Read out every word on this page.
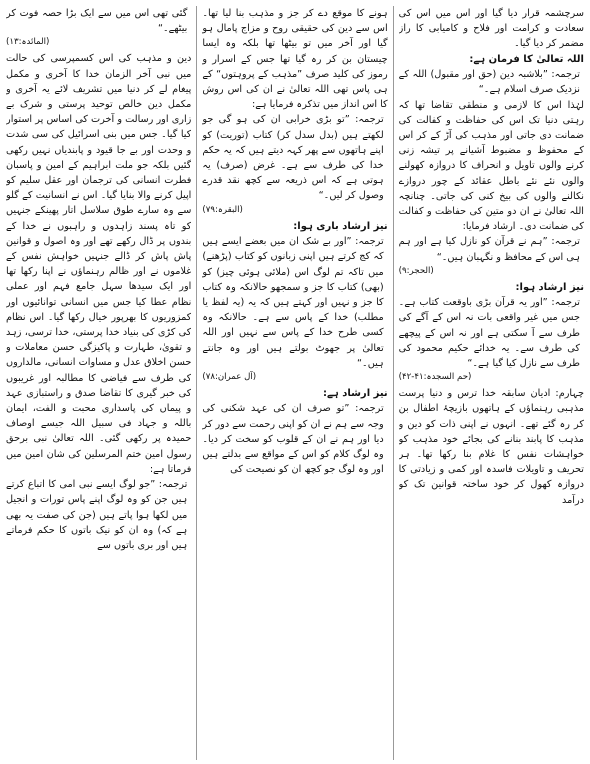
سرچشمہ قرار دیا گیا اور اس میں اس کی سعادت و کرامت اور فلاح و کامیابی کا راز مضمر کر دیا گیا۔

اللہ تعالیٰ کا فرمان ہے:

ترجمہ: ”بلاشبہ دین (حق اور مقبول) اللہ کے نزدیک صرف اسلام ہے۔“

لہٰذا اس کا لازمی و منطقی تقاضا تھا کہ رہتی دنیا تک اس کی حفاظت و کفالت کی ضمانت دی جاتی اور مذہب کی آڑ کے کر اس کے محفوظ و مضبوط آشیانے پر تیشہ زنی کرنے والوں تاویل و انحراف کا دروازہ کھولنے والوں نئے نئے باطل عقائد کے چور دروازے نکالنے والوں کی بیخ کنی کی جاتی۔ چنانچہ اللہ تعالیٰ نے ان دو متین کی حفاظت و کفالت کی ضمانت دی۔ ارشاد فرمایا:

ترجمہ: ”ہم نے قرآن کو نازل کیا ہے اور ہم ہی اس کے محافظ و نگہبان ہیں۔“

(الحجر:۹)

نیز ارشاد ہوا:

ترجمہ: ”اور یہ قرآن بڑی باوقعت کتاب ہے۔ جس میں غیر واقعی بات نہ اس کے آگے کی طرف سے آ سکتی ہے اور نہ اس کے پیچھے کی طرف سے۔ یہ خدائے حکیم محمود کی طرف سے نازل کیا گیا ہے۔“

(حم السجدہ:۴۱-۴۲)

چہارم: ادیان سابقہ خدا ترس و دنیا پرست مذہبی رہنماؤں کے ہاتھوں بازیچۂ اطفال بن کر رہ گئے تھے۔ انہوں نے اپنی ذات کو دین و مذہب کا پابند بنانے کی بجائے خود مذہب کو خواہشات نفس کا غلام بنا رکھا تھا۔ ہر تحریف و تاویلات فاسدہ اور کمی و زیادتی کا دروازہ کھول کر خود ساختہ قوانین تک کو درآمد

ہونے کا موقع دے کر جز و مذہب بنا لیا تھا۔ اس سے دین کی حقیقی روح و مزاج پامال ہو گیا اور آخر میں تو بیٹھا تھا بلکہ وہ ایسا چیستان بن کر رہ گیا تھا جس کے اسرار و رموز کی کلید صرف ”مذہب کے پروہتوں“ کے ہی پاس تھی اللہ تعالیٰ نے ان کی اس روش کا اس انداز میں تذکرہ فرمایا ہے:

ترجمہ: ”تو بڑی خرابی ان کی ہو گی جو لکھتے ہیں (بدل سدل کر) کتاب (توریت) کو اپنے ہاتھوں سے پھر کہہ دیتے ہیں کہ یہ حکم خدا کی طرف سے ہے۔ غرض (صرف) یہ ہوتی ہے کہ اس ذریعہ سے کچھ نقد قدرے وصول کر لیں۔“

(البقرہ:۷۹)

نیز ارشاد باری ہوا:

ترجمہ: ”اور بے شک ان میں بعضے ایسے ہیں کہ کج کرتے ہیں اپنی زبانوں کو کتاب (پڑھنے) میں تاکہ تم لوگ اس (ملائی ہوئی چیز) کو (بھی) کتاب کا جز و سمجھو حالانکہ وہ کتاب کا جز و نہیں اور کہتے ہیں کہ یہ (یہ لفظ یا مطلب) خدا کے پاس سے ہے۔ حالانکہ وہ کسی طرح خدا کے پاس سے نہیں اور اللہ تعالیٰ پر جھوٹ بولتے ہیں اور وہ جانتے ہیں۔“

(آل عمران:۷۸)

نیز ارشاد ہے:

ترجمہ: ”تو صرف ان کی عہد شکنی کی وجہ سے ہم نے ان کو اپنی رحمت سے دور کر دیا اور ہم نے ان کے قلوب کو سخت کر دیا۔ وہ لوگ کلام کو اس کے مواقع سے بدلتے ہیں اور وہ لوگ جو کچھ ان کو نصیحت کی

گئی تھی اس میں سے ایک بڑا حصہ فوت کر بیٹھے۔“

(المائدہ:۱۳)

دین و مذہب کی اس کسمپرسی کی حالت میں نبی آخر الزمان خدا کا آخری و مکمل پیغام لے کر دنیا میں تشریف لائے یہ آخری و مکمل دین خالص توحید پرستی و شرک بے زاری اور رسالت و آخرت کی اساس پر استوار کیا گیا۔ جس میں بنی اسرائیل کی سی شدت و وحدت اور بے جا قیود و پابندیاں نہیں رکھی گئیں بلکہ جو ملت ابراہیم کے امین و پاسبان فطرت انسانی کی ترجمان اور عقل سلیم کو اپیل کرنے والا بنایا گیا۔ اس نے انسانیت کے گلو سے وہ سارے طوق سلاسل اتار پھینکے جنہیں کو تاہ پسند زاہدوں و راہبوں نے خدا کے بندوں پر ڈال رکھے تھے اور وہ اصول و قوانین پاش پاش کر ڈالے جنہیں خواہش نفس کے غلاموں نے اور ظالم رہنماؤں نے اپنا رکھا تھا اور ایک سیدھا سہل جامع فہم اور عملی نظام عطا کیا جس میں انسانی توانائیوں اور کمزوریوں کا بھرپور خیال رکھا گیا۔ اس نظام کی کڑی کی بنیاد خدا پرستی، خدا ترسی، زہد و تقویٰ، طہارت و پاکیزگی حسن معاملات و حسن اخلاق عدل و مساوات انسانی، مالداروں کی طرف سے فیاضی کا مطالبہ اور غریبوں کی خبر گیری کا تقاضا صدق و راستبازی عہد و پیماں کی پاسداری محبت و الفت، ایمان باللہ و جہاد فی سبیل اللہ جیسے اوصاف حمیدہ پر رکھی گئی۔ اللہ تعالیٰ نبی برحق رسول امین ختم المرسلین کی شان امین میں فرماتا ہے:

ترجمہ: ”جو لوگ ایسے نبی امی کا اتباع کرتے ہیں جن کو وہ لوگ اپنے پاس تورات و انجیل میں لکھا ہوا پاتے ہیں (جن کی صفت یہ بھی ہے کہ) وہ ان کو نیک باتوں کا حکم فرماتے ہیں اور بری باتوں سے
